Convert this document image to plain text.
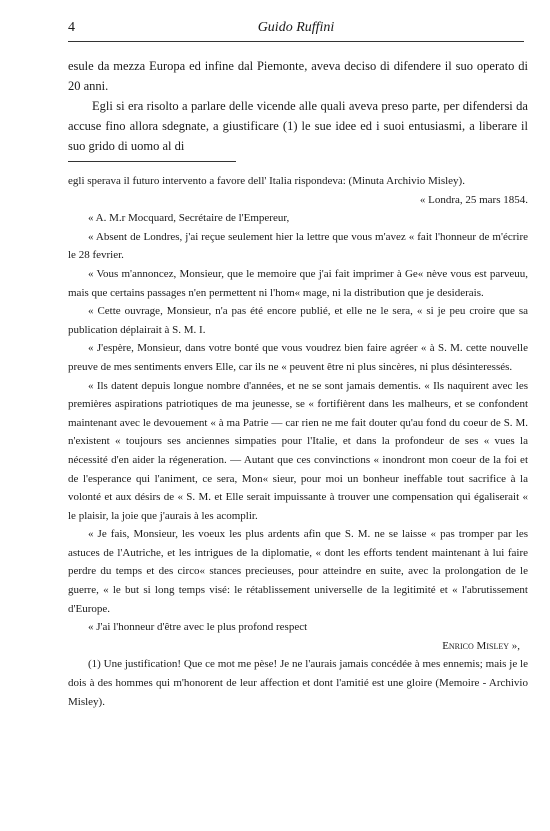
4	Guido Ruffini

esule da mezza Europa ed infine dal Piemonte, aveva deciso di difendere il suo operato di 20 anni.

Egli si era risolto a parlare delle vicende alle quali aveva preso parte, per difendersi da accuse fino allora sdegnate, a giustificare (1) le sue idee ed i suoi entusiasmi, a liberare il suo grido di uomo al di

egli sperava il futuro intervento a favore dell' Italia rispondeva: (Minuta Archivio Misley).

« Londra, 25 mars 1854.

« A. M.r Mocquard, Secrétaire de l'Empereur,

« Absent de Londres, j'ai reçue seulement hier la lettre que vous m'avez « fait l'honneur de m'écrire le 28 fevrier.

« Vous m'annoncez, Monsieur, que le memoire que j'ai fait imprimer à Ge« nève vous est parveuu, mais que certains passages n'en permettent ni l'hom« mage, ni la distribution que je desiderais.

« Cette ouvrage, Monsieur, n'a pas été encore publié, et elle ne le sera, « si je peu croire que sa publication déplairait à S. M. I.

« J'espère, Monsieur, dans votre bonté que vous voudrez bien faire agréer « à S. M. cette nouvelle preuve de mes sentiments envers Elle, car ils ne « peuvent être ni plus sincères, ni plus désinteressés.

« Ils datent depuis longue nombre d'années, et ne se sont jamais dementis. « Ils naquirent avec les premières aspirations patriotiques de ma jeunesse, se « fortifièrent dans les malheurs, et se confondent maintenant avec le devouement « à ma Patrie — car rien ne me fait douter qu'au fond du coeur de S. M. n'existent « toujours ses anciennes simpaties pour l'Italie, et dans la profondeur de ses « vues la nécessité d'en aider la régeneration. — Autant que ces convinctions « inondront mon coeur de la foi et de l'esperance qui l'animent, ce sera, Mon« sieur, pour moi un bonheur ineffable tout sacrifice à la volonté et aux désirs de « S. M. et Elle serait impuissante à trouver une compensation qui égaliserait « le plaisir, la joie que j'aurais à les acomplir.

« Je fais, Monsieur, les voeux les plus ardents afin que S. M. ne se laisse « pas tromper par les astuces de l'Autriche, et les intrigues de la diplomatie, « dont les efforts tendent maintenant à lui faire perdre du temps et des circo« stances precieuses, pour atteindre en suite, avec la prolongation de le guerre, « le but si long temps visé: le rétablissement universelle de la legitimité et « l'abrutissement d'Europe.

« J'ai l'honneur d'être avec le plus profond respect

Enrico Misley »,

(1) Une justification! Que ce mot me pèse! Je ne l'aurais jamais concédée à mes ennemis; mais je le dois à des hommes qui m'honorent de leur affection et dont l'amitié est une gloire (Memoire - Archivio Misley).
